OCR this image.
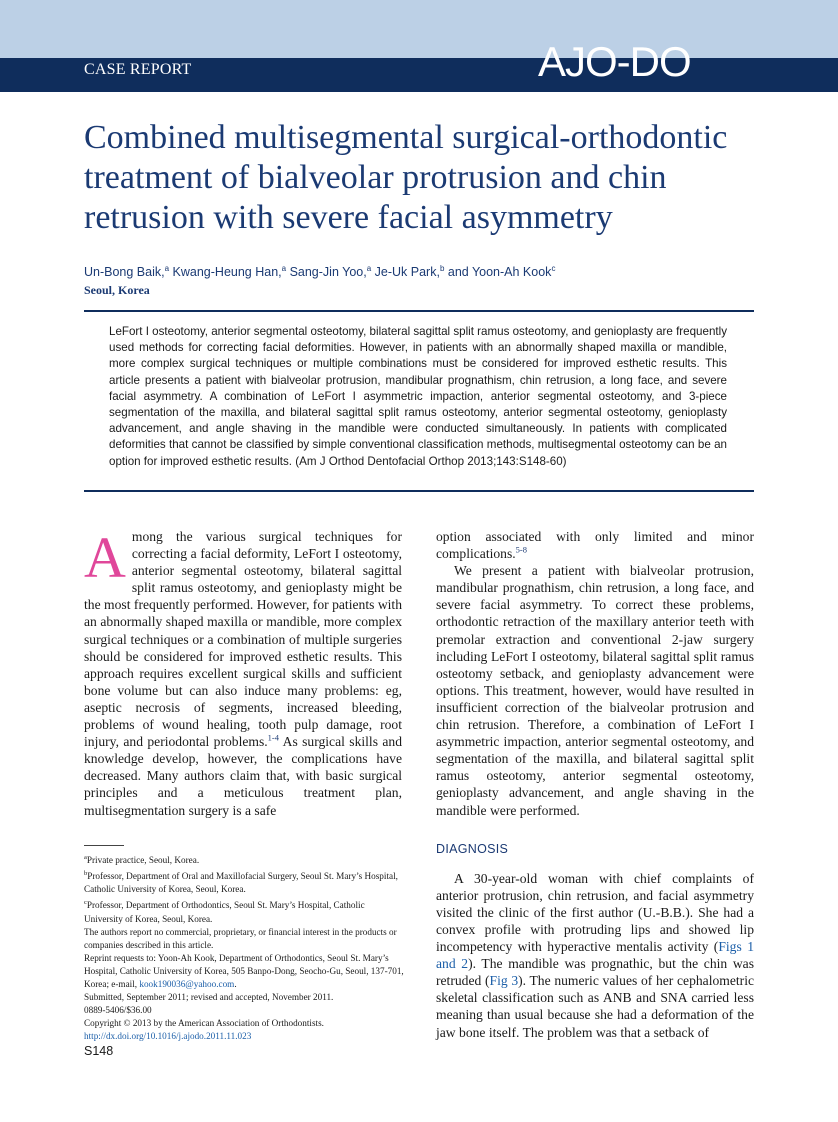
CASE REPORT	AJO-DO
Combined multisegmental surgical-orthodontic treatment of bialveolar protrusion and chin retrusion with severe facial asymmetry
Un-Bong Baik,$^a$ Kwang-Heung Han,$^a$ Sang-Jin Yoo,$^a$ Je-Uk Park,$^b$ and Yoon-Ah Kook$^c$
Seoul, Korea
LeFort I osteotomy, anterior segmental osteotomy, bilateral sagittal split ramus osteotomy, and genioplasty are frequently used methods for correcting facial deformities. However, in patients with an abnormally shaped maxilla or mandible, more complex surgical techniques or multiple combinations must be considered for improved esthetic results. This article presents a patient with bialveolar protrusion, mandibular prognathism, chin retrusion, a long face, and severe facial asymmetry. A combination of LeFort I asymmetric impaction, anterior segmental osteotomy, and 3-piece segmentation of the maxilla, and bilateral sagittal split ramus osteotomy, anterior segmental osteotomy, genioplasty advancement, and angle shaving in the mandible were conducted simultaneously. In patients with complicated deformities that cannot be classified by simple conventional classification methods, multisegmental osteotomy can be an option for improved esthetic results. (Am J Orthod Dentofacial Orthop 2013;143:S148-60)

Among the various surgical techniques for correcting a facial deformity, LeFort I osteotomy, anterior segmental osteotomy, bilateral sagittal split ramus osteotomy, and genioplasty might be the most frequently performed. However, for patients with an abnormally shaped maxilla or mandible, more complex surgical techniques or a combination of multiple surgeries should be considered for improved esthetic results. This approach requires excellent surgical skills and sufficient bone volume but can also induce many problems: eg, aseptic necrosis of segments, increased bleeding, problems of wound healing, tooth pulp damage, root injury, and periodontal problems.$^{1-4}$ As surgical skills and knowledge develop, however, the complications have decreased. Many authors claim that, with basic surgical principles and a meticulous treatment plan, multisegmentation surgery is a safe

option associated with only limited and minor complications.$^{5-8}$

We present a patient with bialveolar protrusion, mandibular prognathism, chin retrusion, a long face, and severe facial asymmetry. To correct these problems, orthodontic retraction of the maxillary anterior teeth with premolar extraction and conventional 2-jaw surgery including LeFort I osteotomy, bilateral sagittal split ramus osteotomy setback, and genioplasty advancement were options. This treatment, however, would have resulted in insufficient correction of the bialveolar protrusion and chin retrusion. Therefore, a combination of LeFort I asymmetric impaction, anterior segmental osteotomy, and segmentation of the maxilla, and bilateral sagittal split ramus osteotomy, anterior segmental osteotomy, genioplasty advancement, and angle shaving in the mandible were performed.

DIAGNOSIS

A 30-year-old woman with chief complaints of anterior protrusion, chin retrusion, and facial asymmetry visited the clinic of the first author (U.-B.B.). She had a convex profile with protruding lips and showed lip incompetency with hyperactive mentalis activity (Figs 1 and 2). The mandible was prognathic, but the chin was retruded (Fig 3). The numeric values of her cephalometric skeletal classification such as ANB and SNA carried less meaning than usual because she had a deformation of the jaw bone itself. The problem was that a setback of

$^a$Private practice, Seoul, Korea.
$^b$Professor, Department of Oral and Maxillofacial Surgery, Seoul St. Mary’s Hospital, Catholic University of Korea, Seoul, Korea.
$^c$Professor, Department of Orthodontics, Seoul St. Mary’s Hospital, Catholic University of Korea, Seoul, Korea.
The authors report no commercial, proprietary, or financial interest in the products or companies described in this article.
Reprint requests to: Yoon-Ah Kook, Department of Orthodontics, Seoul St. Mary’s Hospital, Catholic University of Korea, 505 Banpo-Dong, Seocho-Gu, Seoul, 137-701, Korea; e-mail, kook190036@yahoo.com.
Submitted, September 2011; revised and accepted, November 2011.
0889-5406/$36.00
Copyright © 2013 by the American Association of Orthodontists.
http://dx.doi.org/10.1016/j.ajodo.2011.11.023
S148
